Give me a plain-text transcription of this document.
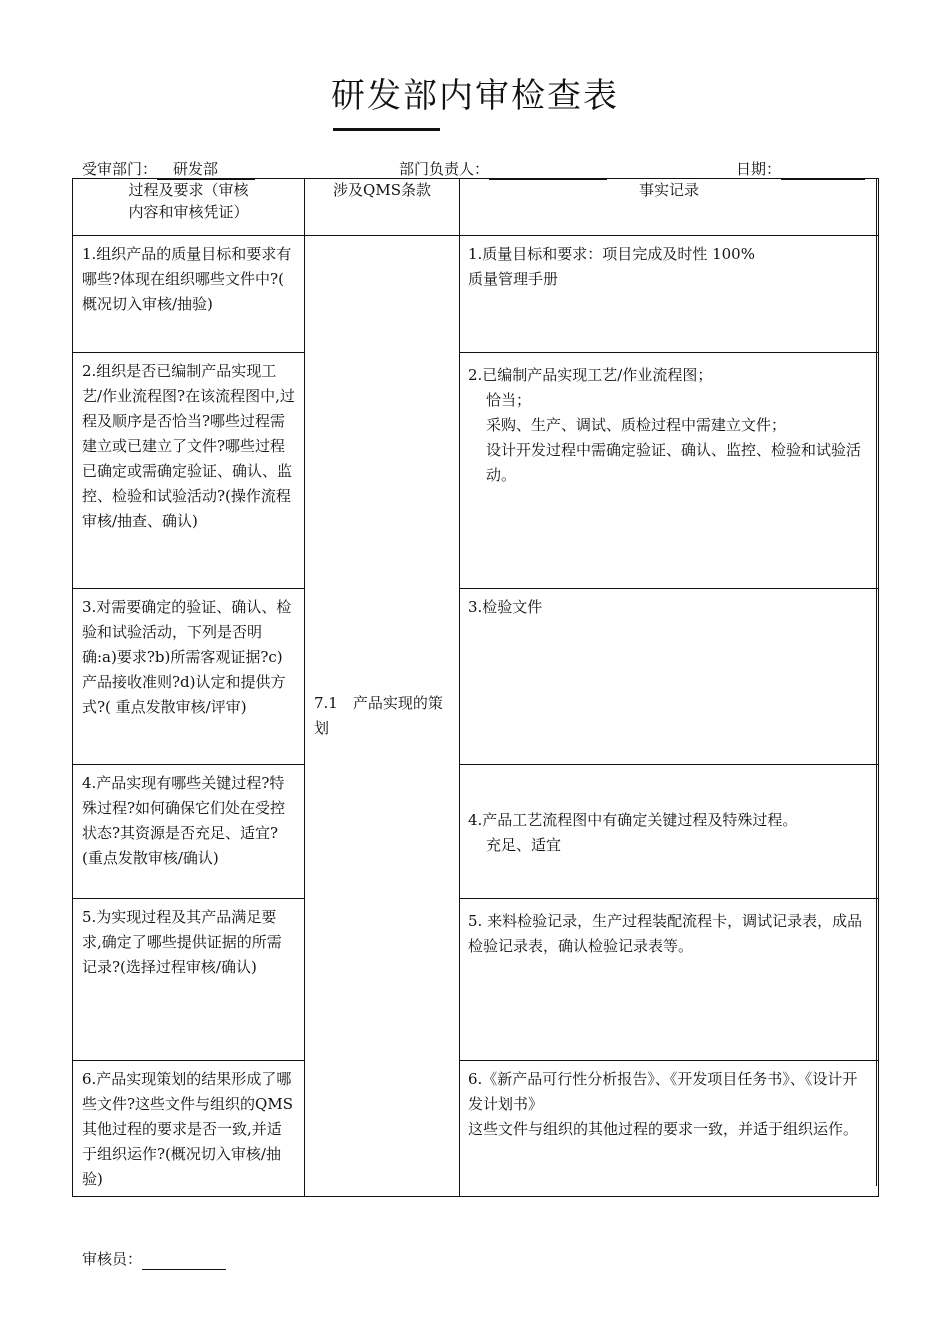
研发部内审检查表
受审部门： 研发部	部门负责人：	日期：
过程及要求（审核
内容和审核凭证）	涉及QMS条款	事实记录

1.组织产品的质量目标和要求有哪些?体现在组织哪些文件中?( 概况切入审核/抽验)	7.1　产品实现的策划	1.质量目标和要求：项目完成及时性 100%
质量管理手册

2.组织是否已编制产品实现工艺/作业流程图?在该流程图中,过程及顺序是否恰当?哪些过程需建立或已建立了文件?哪些过程已确定或需确定验证、确认、监控、检验和试验活动?(操作流程审核/抽查、确认)		2.已编制产品实现工艺/作业流程图；
恰当；
采购、生产、调试、质检过程中需建立文件；
设计开发过程中需确定验证、确认、监控、检验和试验活动。

3.对需要确定的验证、确认、检验和试验活动，下列是否明确:a)要求?b)所需客观证据?c)产品接收准则?d)认定和提供方式?( 重点发散审核/评审)		3.检验文件

4.产品实现有哪些关键过程?特殊过程?如何确保它们处在受控状态?其资源是否充足、适宜?(重点发散审核/确认)		4.产品工艺流程图中有确定关键过程及特殊过程。
充足、适宜

5.为实现过程及其产品满足要求,确定了哪些提供证据的所需记录?(选择过程审核/确认)		5. 来料检验记录，生产过程装配流程卡，调试记录表，成品检验记录表，确认检验记录表等。

6.产品实现策划的结果形成了哪些文件?这些文件与组织的QMS其他过程的要求是否一致,并适于组织运作?(概况切入审核/抽验)		6.《新产品可行性分析报告》、《开发项目任务书》、《设计开发计划书》
这些文件与组织的其他过程的要求一致，并适于组织运作。
审核员：
